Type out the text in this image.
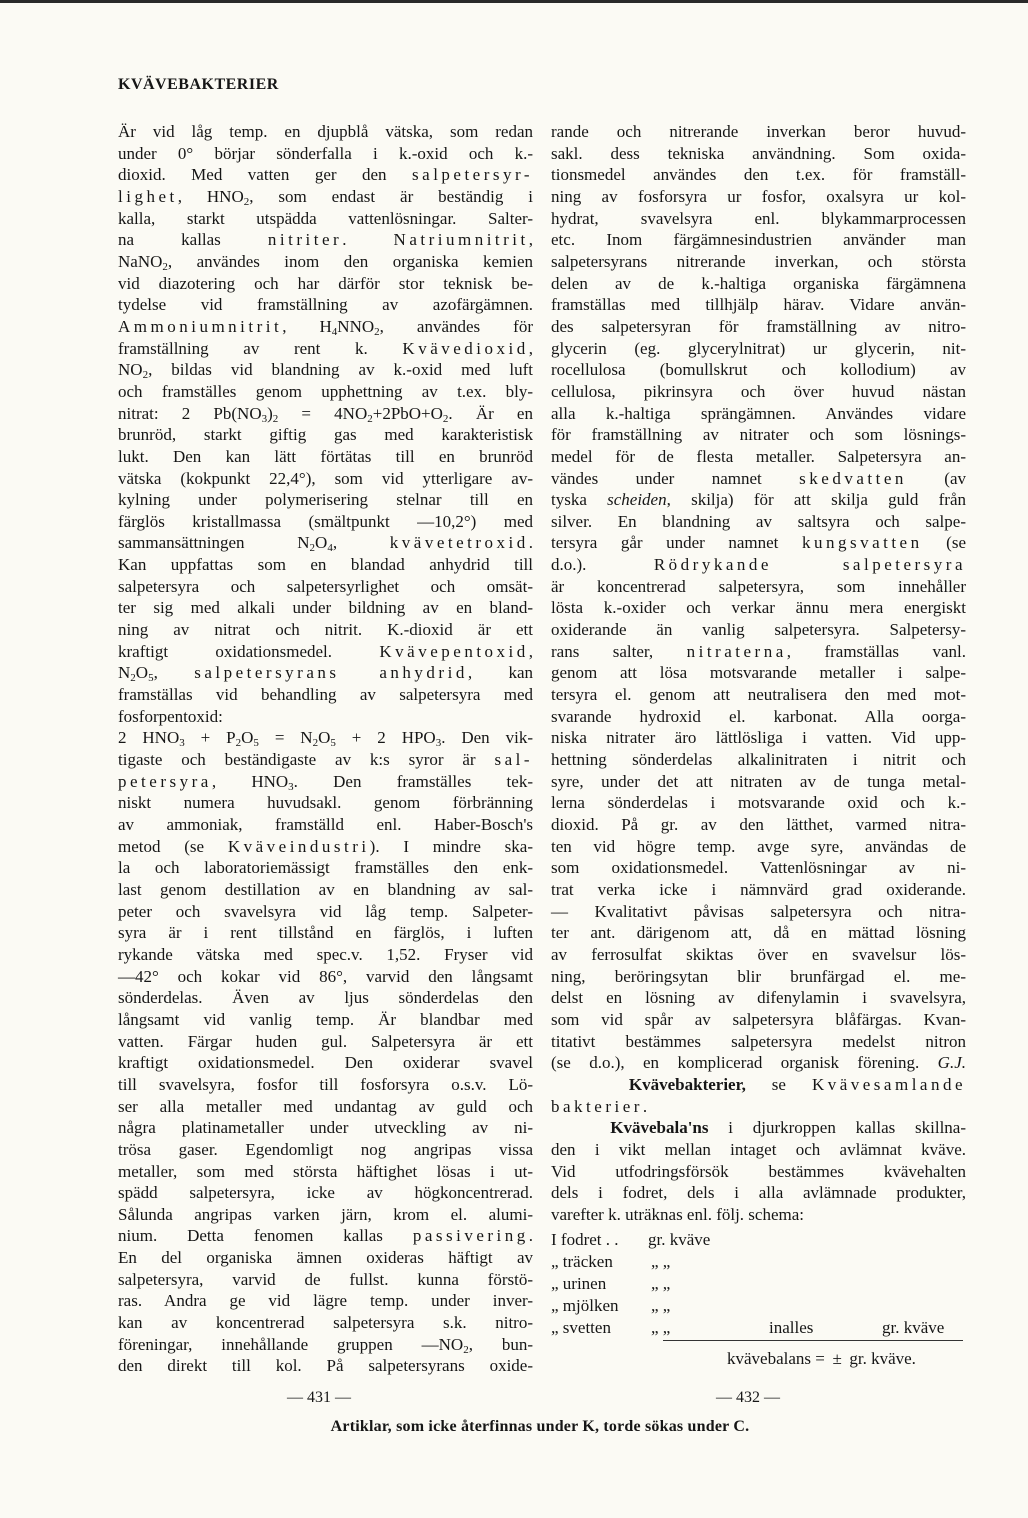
KVÄVEBAKTERIER

Är vid låg temp. en djupblå vätska, som redan

under 0° börjar sönderfalla i k.-oxid och k.-

dioxid. Med vatten ger den salpetersyr-

lighet, $HNO_2$, som endast är beständig i

kalla, starkt utspädda vattenlösningar. Salter-

na kallas	nitriter.	Natriumnitrit,

NaNO$_2$, användes inom den organiska kemien

vid diazotering och har därför stor teknisk be-

tydelse vid framställning av azofärgämnen.

Ammoniumnitrit, $H_4NNO_2$, användes för

framställning av rent k. Kvävedioxid,

$NO_2$, bildas vid blandning av k.-oxid med luft

och framställes genom upphettning av t.ex. bly-

nitrat: 2 $Pb(NO_3)_2 = 4NO_2+2PbO+O_2$. Är en

brunröd, starkt giftig gas med karakteristisk

lukt. Den kan lätt förtätas till en brunröd

vätska (kokpunkt 22,4°), som vid ytterligare av-

kylning under polymerisering stelnar till en

färglös kristallmassa (smältpunkt —10,2°) med

sammansättningen $N_2O_4$,	kvävetetroxid.

Kan uppfattas som en blandad anhydrid till

salpetersyra och salpetersyrlighet och omsät-

ter sig med alkali under bildning av en bland-

ning av nitrat och nitrit. K.-dioxid är ett

kraftigt oxidationsmedel.	Kvävepentoxid,

$N_2O_5$, salpetersyrans anhydrid, kan

framställas vid behandling av salpetersyra med

fosforpentoxid:

2 $HNO_3 + P_2O_5 = N_2O_5 + 2$ $HPO_3$. Den vik-

tigaste och beständigaste av k:s syror är sal-

petersyra, $HNO_3$. Den framställes tek-

niskt numera huvudsakl. genom förbränning

av ammoniak, framställd enl. Haber-Bosch's

metod (se Kväveindustri). I mindre ska-

la och laboratoriemässigt framställes den enk-

last genom destillation av en blandning av sal-

peter och svavelsyra vid låg temp. Salpeter-

syra är i rent tillstånd en färglös, i luften

rykande vätska med spec.v. 1,52. Fryser vid

—42° och kokar vid 86°, varvid den långsamt

sönderdelas. Även av ljus sönderdelas den

långsamt vid vanlig temp. Är blandbar med

vatten. Färgar huden gul. Salpetersyra är ett

kraftigt oxidationsmedel. Den oxiderar svavel

till svavelsyra, fosfor till fosforsyra o.s.v. Lö-

ser alla metaller med undantag av guld och

några platinametaller under utveckling av ni-

trösa gaser. Egendomligt nog angripas vissa

metaller, som med största häftighet lösas i ut-

spädd salpetersyra, icke av högkoncentrerad.

Sålunda angripas varken järn, krom el. alumi-

nium. Detta fenomen kallas passivering.

En del organiska ämnen oxideras häftigt av

salpetersyra, varvid de fullst. kunna förstö-

ras. Andra ge vid lägre temp. under inver-

kan av koncentrerad salpetersyra s.k. nitro-

föreningar, innehållande gruppen $—NO_2$, bun-

den direkt till kol. På salpetersyrans oxide-

rande och nitrerande inverkan beror huvud-

sakl. dess tekniska användning. Som oxida-

tionsmedel användes den t.ex. för framställ-

ning av fosforsyra ur fosfor, oxalsyra ur kol-

hydrat, svavelsyra enl. blykammarprocessen

etc. Inom färgämnesindustrien använder man

salpetersyrans nitrerande inverkan, och största

delen av de k.-haltiga organiska färgämnena

framställas med tillhjälp härav. Vidare använ-

des salpetersyran för framställning av nitro-

glycerin (eg. glycerylnitrat) ur glycerin, nit-

rocellulosa (bomullskrut och kollodium) av

cellulosa, pikrinsyra och över huvud nästan

alla k.-haltiga sprängämnen. Användes vidare

för framställning av nitrater och som lösnings-

medel för de flesta metaller. Salpetersyra an-

vändes under namnet skedvatten (av

tyska scheiden, skilja) för att skilja guld från

silver. En blandning av saltsyra och salpe-

tersyra går under namnet kungsvatten (se

d.o.).	Rödrykande salpetersyra

är koncentrerad salpetersyra, som innehåller

lösta k.-oxider och verkar ännu mera energiskt

oxiderande än vanlig salpetersyra. Salpetersy-

rans salter, nitraterna, framställas vanl.

genom att lösa motsvarande metaller i salpe-

tersyra el. genom att neutralisera den med mot-

svarande hydroxid el. karbonat. Alla oorga-

niska nitrater äro lättlösliga i vatten. Vid upp-

hettning sönderdelas alkalinitraten i nitrit och

syre, under det att nitraten av de tunga metal-

lerna sönderdelas i motsvarande oxid och k.-

dioxid. På gr. av den lätthet, varmed nitra-

ten vid högre temp. avge syre, användas de

som oxidationsmedel. Vattenlösningar av ni-

trat verka icke i nämnvärd grad oxiderande.

— Kvalitativt påvisas salpetersyra och nitra-

ter ant. därigenom att, då en mättad lösning

av ferrosulfat skiktas över en svavelsur lös-

ning, beröringsytan blir brunfärgad el. me-

delst en lösning av difenylamin i svavelsyra,

som vid spår av salpetersyra blåfärgas. Kvan-

titativt bestämmes salpetersyra medelst nitron

(se d.o.), en komplicerad organisk förening. G.J.

Kvävebakterier, se Kvävesamlande

bakterier.

Kvävebala'ns i djurkroppen kallas skillna-

den i vikt mellan intaget och avlämnat kväve.

Vid utfodringsförsök bestämmes kvävehalten

dels i fodret, dels i alla avlämnade produkter,

varefter k. uträknas enl. följ. schema:

I fodret . . gr. kväve
„ träcken „ „
„ urinen	„ „
„ mjölken „ „
„ svetten „ „	inalles	gr. kväve
kvävebalans = ± gr. kväve.
— 431 —	— 432 —
Artiklar, som icke återfinnas under K, torde sökas under C.
